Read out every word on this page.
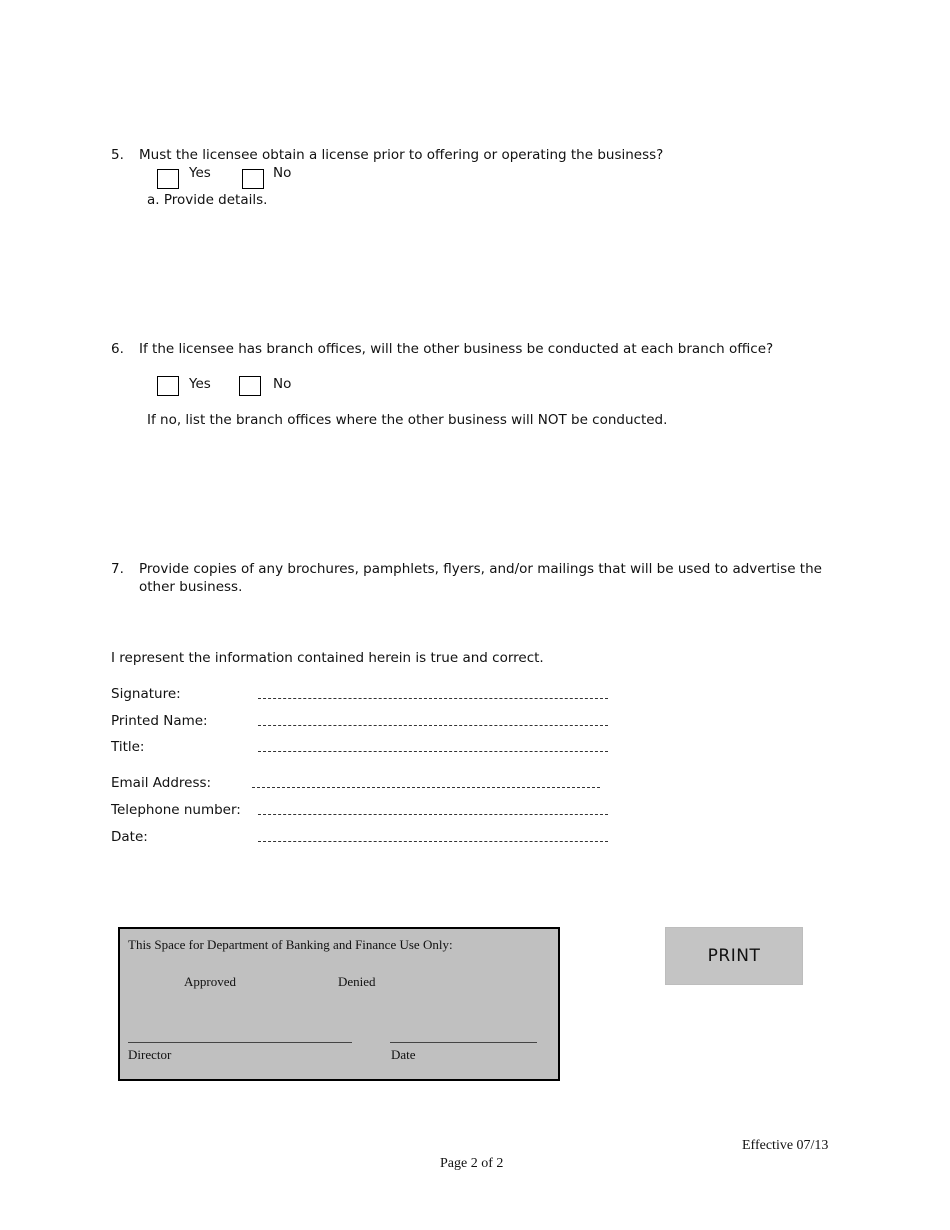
5. Must the licensee obtain a license prior to offering or operating the business?
Yes	No
a. Provide details.
6. If the licensee has branch offices, will the other business be conducted at each branch office?
Yes	No
If no, list the branch offices where the other business will NOT be conducted.
7. Provide copies of any brochures, pamphlets, flyers, and/or mailings that will be used to advertise the
other business.
I represent the information contained herein is true and correct.
Signature:
Printed Name:
Title:
Email Address:
Telephone number:
Date:
This Space for Department of Banking and Finance Use Only:
Approved	Denied
Director	Date
PRINT
Effective 07/13
Page 2 of 2
